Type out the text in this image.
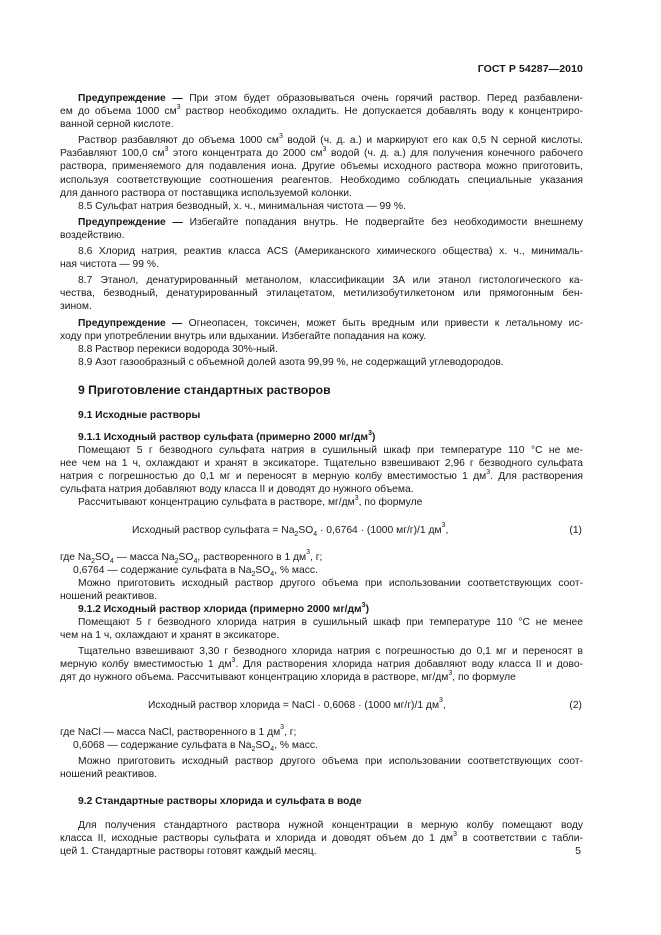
ГОСТ Р 54287—2010
Предупреждение — При этом будет образовываться очень горячий раствор. Перед разбавлени-
ем до объема 1000 $см^3$ раствор необходимо охладить. Не допускается добавлять воду к концентриро-
ванной серной кислоте.
Раствор разбавляют до объема 1000 $см^3$ водой (ч. д. а.) и маркируют его как 0,5 N серной кислоты.
Разбавляют 100,0 $см^3$ этого концентрата до 2000 $см^3$ водой (ч. д. а.) для получения конечного рабочего
раствора, применяемого для подавления иона. Другие объемы исходного раствора можно приготовить,
используя соответствующие соотношения реагентов. Необходимо соблюдать специальные указания
для данного раствора от поставщика используемой колонки.
8.5 Сульфат натрия безводный, х. ч., минимальная чистота — 99 %.
Предупреждение — Избегайте попадания внутрь. Не подвергайте без необходимости внешнему
воздействию.
8.6 Хлорид натрия, реактив класса ACS (Американского химического общества) х. ч., минималь-
ная чистота — 99 %.
8.7 Этанол, денатурированный метанолом, классификации 3A или этанол гистологического ка-
чества, безводный, денатурированный этилацетатом, метилизобутилкетоном или прямогонным бен-
зином.
Предупреждение — Огнеопасен, токсичен, может быть вредным или привести к летальному ис-
ходу при употреблении внутрь или вдыхании. Избегайте попадания на кожу.
8.8 Раствор перекиси водорода 30%-ный.
8.9 Азот газообразный с объемной долей азота 99,99 %, не содержащий углеводородов.
9 Приготовление стандартных растворов
9.1 Исходные растворы
9.1.1 Исходный раствор сульфата (примерно 2000 $мг/дм^3$)
Помещают 5 г безводного сульфата натрия в сушильный шкаф при температуре 110 °С не ме-
нее чем на 1 ч, охлаждают и хранят в эксикаторе. Тщательно взвешивают 2,96 г безводного сульфата
натрия с погрешностью до 0,1 мг и переносят в мерную колбу вместимостью 1 $дм^3$. Для растворения
сульфата натрия добавляют воду класса II и доводят до нужного объема.
Рассчитывают концентрацию сульфата в растворе, $мг/дм^3$, по формуле
Исходный раствор сульфата = $Na_2SO_4 \cdot 0,6764 \cdot (1000$ мг/г)/1 $дм^3$,	(1)
где $Na_2SO_4$ — масса $Na_2SO_4$, растворенного в 1 $дм^3$, г;
0,6764 — содержание сульфата в $Na_2SO_4$, % масс.
Можно приготовить исходный раствор другого объема при использовании соответствующих соот-
ношений реактивов.
9.1.2 Исходный раствор хлорида (примерно 2000 $мг/дм^3$)
Помещают 5 г безводного хлорида натрия в сушильный шкаф при температуре 110 °С не менее
чем на 1 ч, охлаждают и хранят в эксикаторе.
Тщательно взвешивают 3,30 г безводного хлорида натрия с погрешностью до 0,1 мг и переносят в
мерную колбу вместимостью 1 $дм^3$. Для растворения хлорида натрия добавляют воду класса II и дово-
дят до нужного объема. Рассчитывают концентрацию хлорида в растворе, $мг/дм^3$, по формуле
Исходный раствор хлорида = NaCl · 0,6068 · (1000 мг/г)/1 $дм^3$,	(2)
где NaCl — масса NaCl, растворенного в 1 $дм^3$, г;
0,6068 — содержание сульфата в $Na_2SO_4$, % масс.
Можно приготовить исходный раствор другого объема при использовании соответствующих соот-
ношений реактивов.
9.2 Стандартные растворы хлорида и сульфата в воде
Для получения стандартного раствора нужной концентрации в мерную колбу помещают воду
класса II, исходные растворы сульфата и хлорида и доводят объем до 1 $дм^3$ в соответствии с табли-
цей 1. Стандартные растворы готовят каждый месяц.	5
